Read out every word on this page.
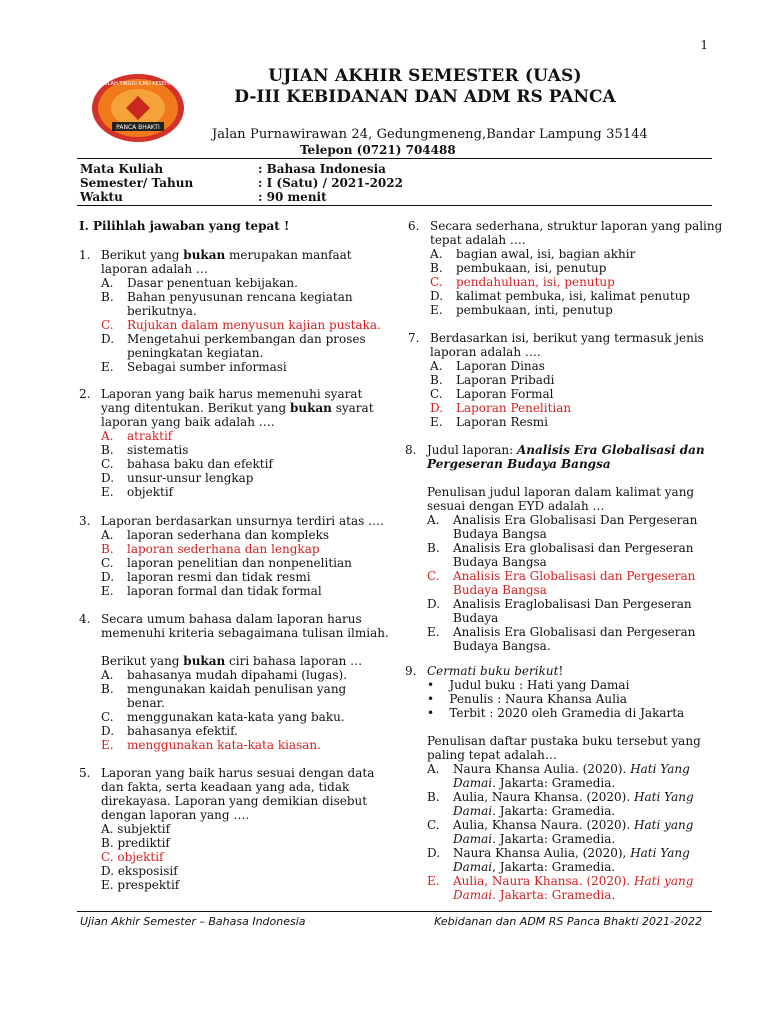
1
PANCA BHAKTI
SEKOLAH TINGGI ILMU KESEHATAN	UJIAN AKHIR SEMESTER (UAS)
D-III KEBIDANAN DAN ADM RS PANCA
Jalan Purnawirawan 24, Gedungmeneng,Bandar Lampung 35144
Telepon (0721) 704488
Mata Kuliah	: Bahasa Indonesia
Semester/ Tahun	: I (Satu) / 2021-2022
Waktu	: 90 menit
I. Pilihlah jawaban yang tepat !
1. Berikut yang bukan merupakan manfaat
laporan adalah …
A. Dasar penentuan kebijakan.
B. Bahan penyusunan rencana kegiatan
berikutnya.
C. Rujukan dalam menyusun kajian pustaka.
D. Mengetahui perkembangan dan proses
peningkatan kegiatan.
E. Sebagai sumber informasi
2. Laporan yang baik harus memenuhi syarat
yang ditentukan. Berikut yang bukan syarat
laporan yang baik adalah ….
A. atraktif
B. sistematis
C. bahasa baku dan efektif
D. unsur-unsur lengkap
E. objektif
3. Laporan berdasarkan unsurnya terdiri atas ….
A. laporan sederhana dan kompleks
B. laporan sederhana dan lengkap
C. laporan penelitian dan nonpenelitian
D. laporan resmi dan tidak resmi
E. laporan formal dan tidak formal
4. Secara umum bahasa dalam laporan harus
memenuhi kriteria sebagaimana tulisan ilmiah.
Berikut yang bukan ciri bahasa laporan …
A. bahasanya mudah dipahami (lugas).
B. mengunakan kaidah penulisan yang
benar.
C. menggunakan kata-kata yang baku.
D. bahasanya efektif.
E. menggunakan kata-kata kiasan.
5. Laporan yang baik harus sesuai dengan data
dan fakta, serta keadaan yang ada, tidak
direkayasa. Laporan yang demikian disebut
dengan laporan yang ….
A. subjektif
B. prediktif
C. objektif
D. eksposisif
E. prespektif
6. Secara sederhana, struktur laporan yang paling
tepat adalah ….
A. bagian awal, isi, bagian akhir
B. pembukaan, isi, penutup
C. pendahuluan, isi, penutup
D. kalimat pembuka, isi, kalimat penutup
E. pembukaan, inti, penutup
7. Berdasarkan isi, berikut yang termasuk jenis
laporan adalah ….
A. Laporan Dinas
B. Laporan Pribadi
C. Laporan Formal
D. Laporan Penelitian
E. Laporan Resmi
8. Judul laporan: Analisis Era Globalisasi dan
Pergeseran Budaya Bangsa
Penulisan judul laporan dalam kalimat yang
sesuai dengan EYD adalah …
A. Analisis Era Globalisasi Dan Pergeseran
Budaya Bangsa
B. Analisis Era globalisasi dan Pergeseran
Budaya Bangsa
C. Analisis Era Globalisasi dan Pergeseran
Budaya Bangsa
D. Analisis Eraglobalisasi Dan Pergeseran
Budaya
E. Analisis Era Globalisasi dan Pergeseran
Budaya Bangsa.
9. Cermati buku berikut!
•    Judul buku : Hati yang Damai
•    Penulis : Naura Khansa Aulia
•    Terbit : 2020 oleh Gramedia di Jakarta
Penulisan daftar pustaka buku tersebut yang
paling tepat adalah…
A. Naura Khansa Aulia. (2020). Hati Yang
Damai. Jakarta: Gramedia.
B. Aulia, Naura Khansa. (2020). Hati Yang
Damai. Jakarta: Gramedia.
C. Aulia, Khansa Naura. (2020). Hati yang
Damai. Jakarta: Gramedia.
D. Naura Khansa Aulia, (2020), Hati Yang
Damai, Jakarta: Gramedia.
E. Aulia, Naura Khansa. (2020). Hati yang
Damai. Jakarta: Gramedia.
Ujian Akhir Semester – Bahasa Indonesia	Kebidanan dan ADM RS Panca Bhakti 2021-2022
